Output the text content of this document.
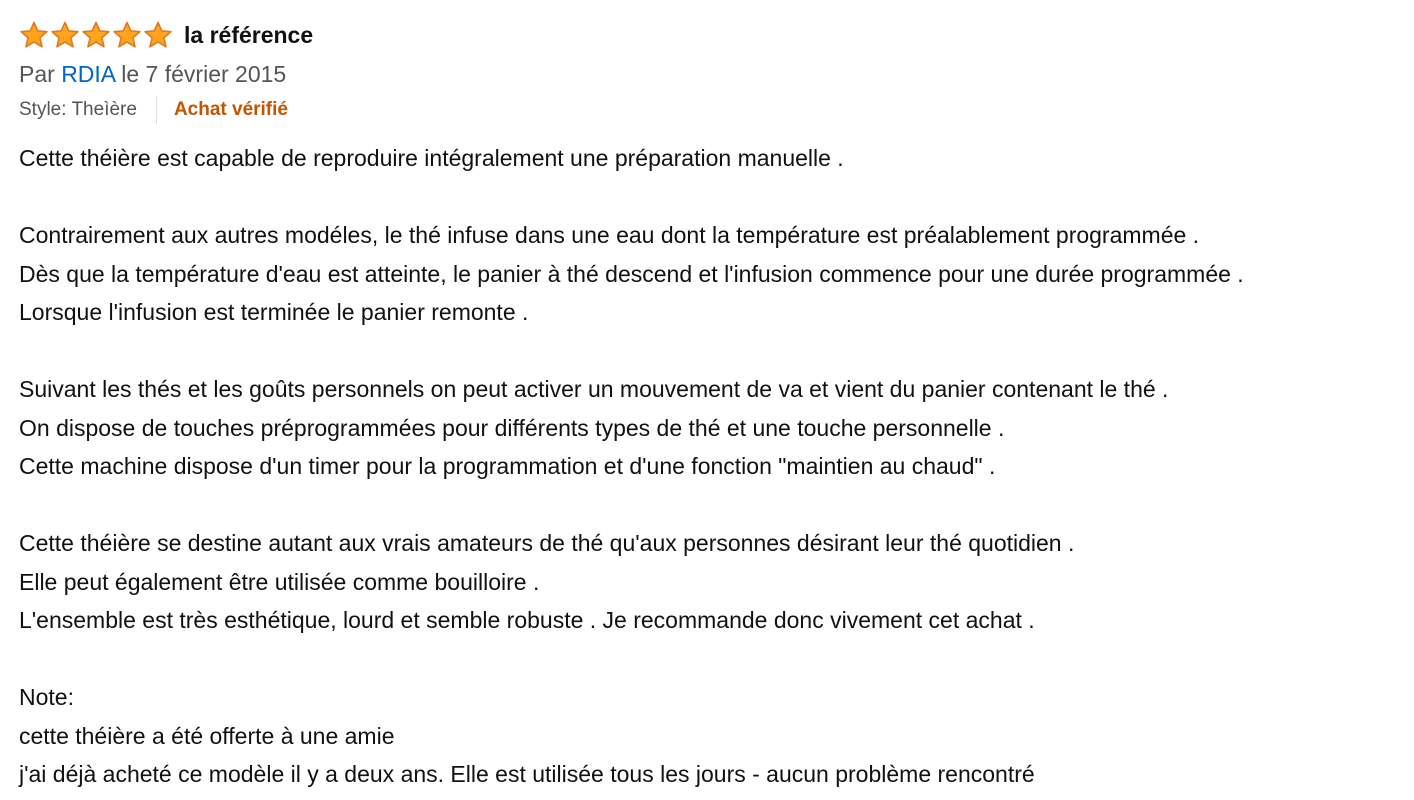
la référence
Par RDIA le 7 février 2015
Style: Theìère Achat vérifié
Cette théière est capable de reproduire intégralement une préparation manuelle .
Contrairement aux autres modéles, le thé infuse dans une eau dont la température est préalablement programmée .
Dès que la température d'eau est atteinte, le panier à thé descend et l'infusion commence pour une durée programmée .
Lorsque l'infusion est terminée le panier remonte .
Suivant les thés et les goûts personnels on peut activer un mouvement de va et vient du panier contenant le thé .
On dispose de touches préprogrammées pour différents types de thé et une touche personnelle .
Cette machine dispose d'un timer pour la programmation et d'une fonction "maintien au chaud" .
Cette théière se destine autant aux vrais amateurs de thé qu'aux personnes désirant leur thé quotidien .
Elle peut également être utilisée comme bouilloire .
L'ensemble est très esthétique, lourd et semble robuste . Je recommande donc vivement cet achat .
Note:
cette théière a été offerte à une amie
j'ai déjà acheté ce modèle il y a deux ans. Elle est utilisée tous les jours - aucun problème rencontré
